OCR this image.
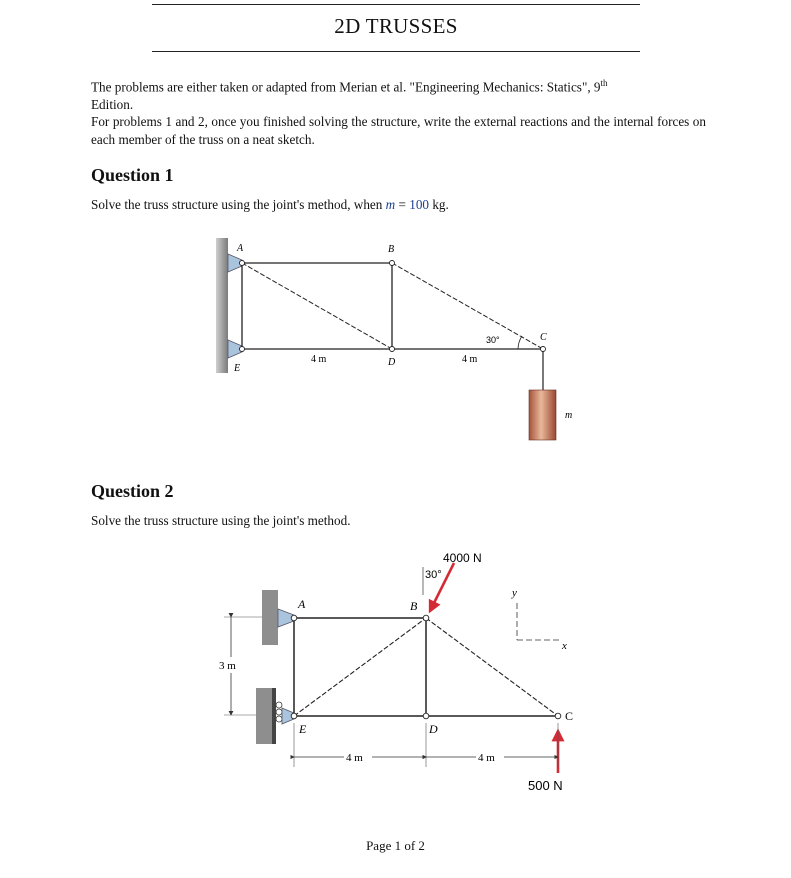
2D TRUSSES
The problems are either taken or adapted from Merian et al. "Engineering Mechanics: Statics", 9th
Edition.
For problems 1 and 2, once you finished solving the structure, write the external reactions and the internal forces on each member of the truss on a neat sketch.
Question 1
Solve the truss structure using the joint's method, when m = 100 kg.
A	B
C
D
E
m
4 m	4 m
30°
Question 2
Solve the truss structure using the joint's method.
3 m
4000 N
30°
500 N
y
x
4 m	4 m
A	B
C
D
E
Page 1 of 2
